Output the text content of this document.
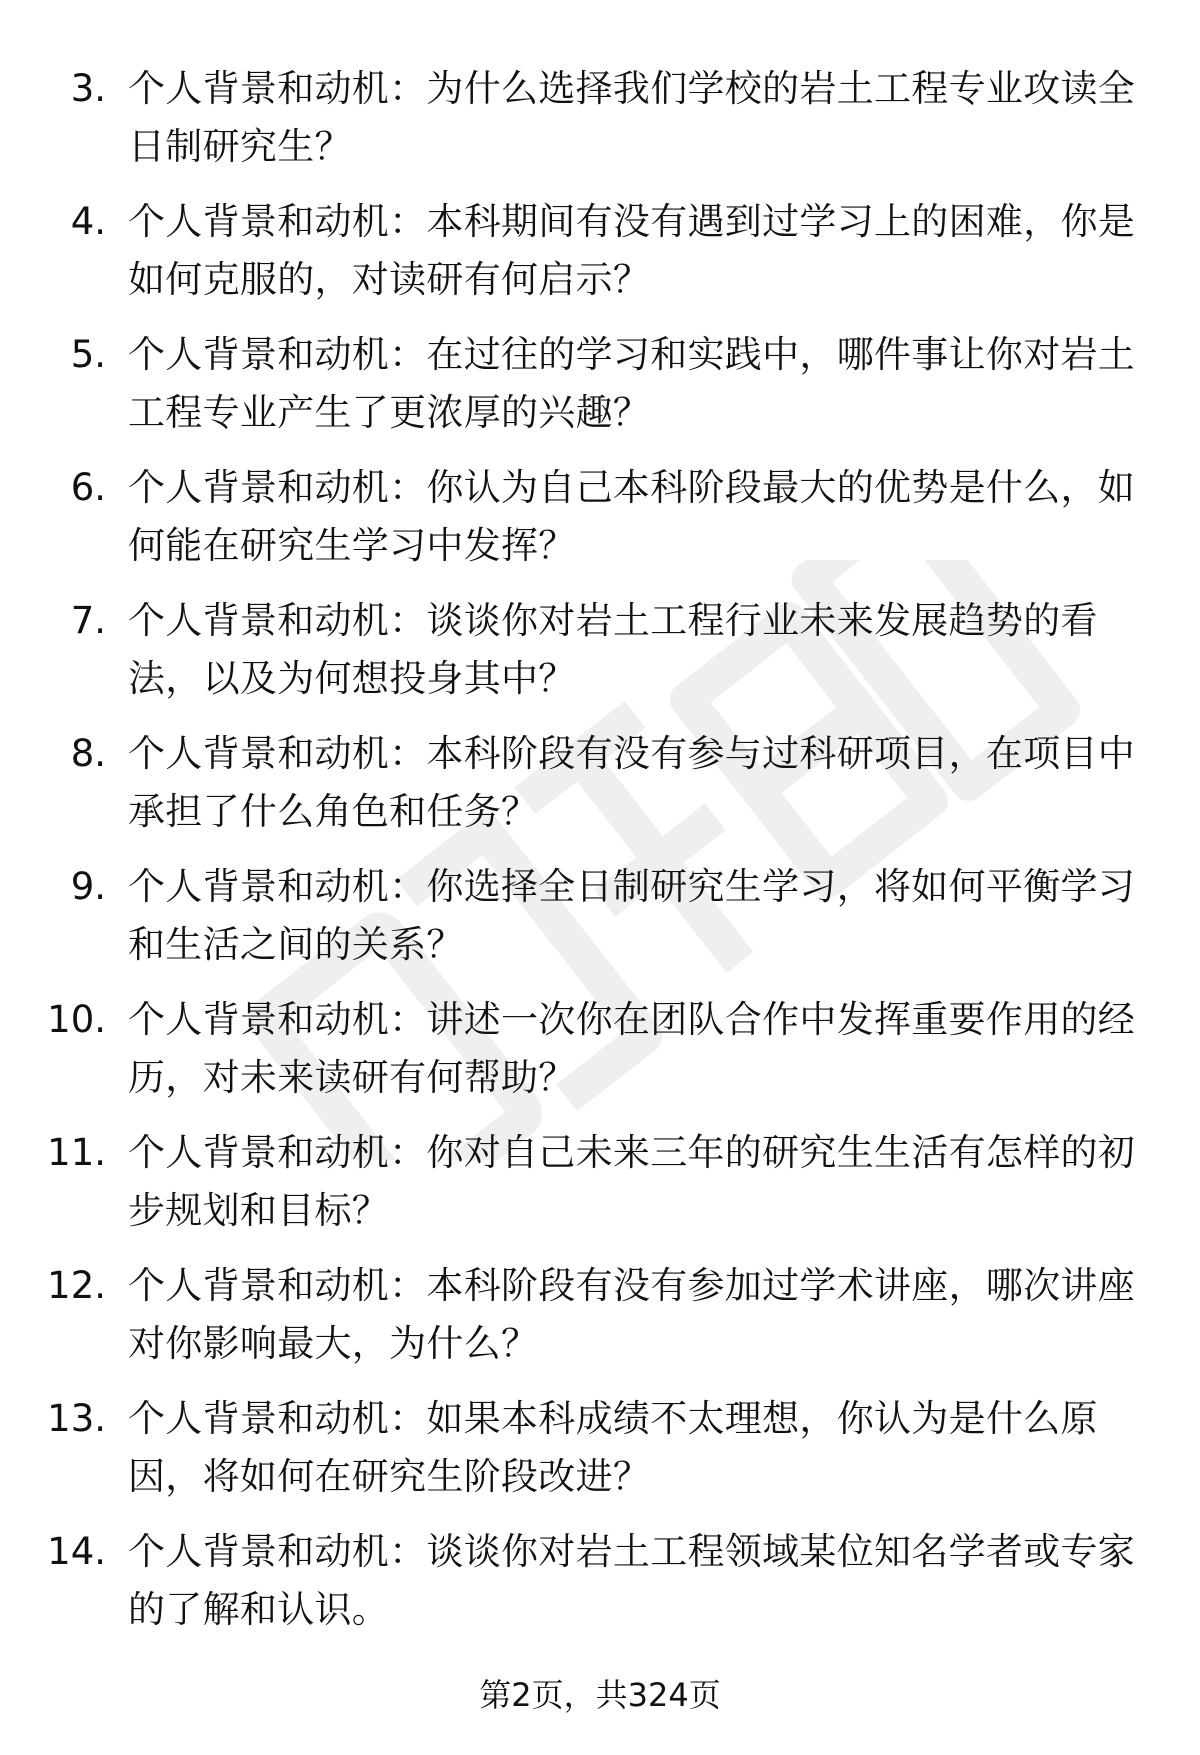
3. 个人背景和动机：为什么选择我们学校的岩土工程专业攻读全日制研究生？
4. 个人背景和动机：本科期间有没有遇到过学习上的困难，你是如何克服的，对读研有何启示？
5. 个人背景和动机：在过往的学习和实践中，哪件事让你对岩土工程专业产生了更浓厚的兴趣？
6. 个人背景和动机：你认为自己本科阶段最大的优势是什么，如何能在研究生学习中发挥？
7. 个人背景和动机：谈谈你对岩土工程行业未来发展趋势的看法，以及为何想投身其中？
8. 个人背景和动机：本科阶段有没有参与过科研项目，在项目中承担了什么角色和任务？
9. 个人背景和动机：你选择全日制研究生学习，将如何平衡学习和生活之间的关系？
10. 个人背景和动机：讲述一次你在团队合作中发挥重要作用的经历，对未来读研有何帮助？
11. 个人背景和动机：你对自己未来三年的研究生生活有怎样的初步规划和目标？
12. 个人背景和动机：本科阶段有没有参加过学术讲座，哪次讲座对你影响最大，为什么？
13. 个人背景和动机：如果本科成绩不太理想，你认为是什么原因，将如何在研究生阶段改进？
14. 个人背景和动机：谈谈你对岩土工程领域某位知名学者或专家的了解和认识。
第2页，共324页
